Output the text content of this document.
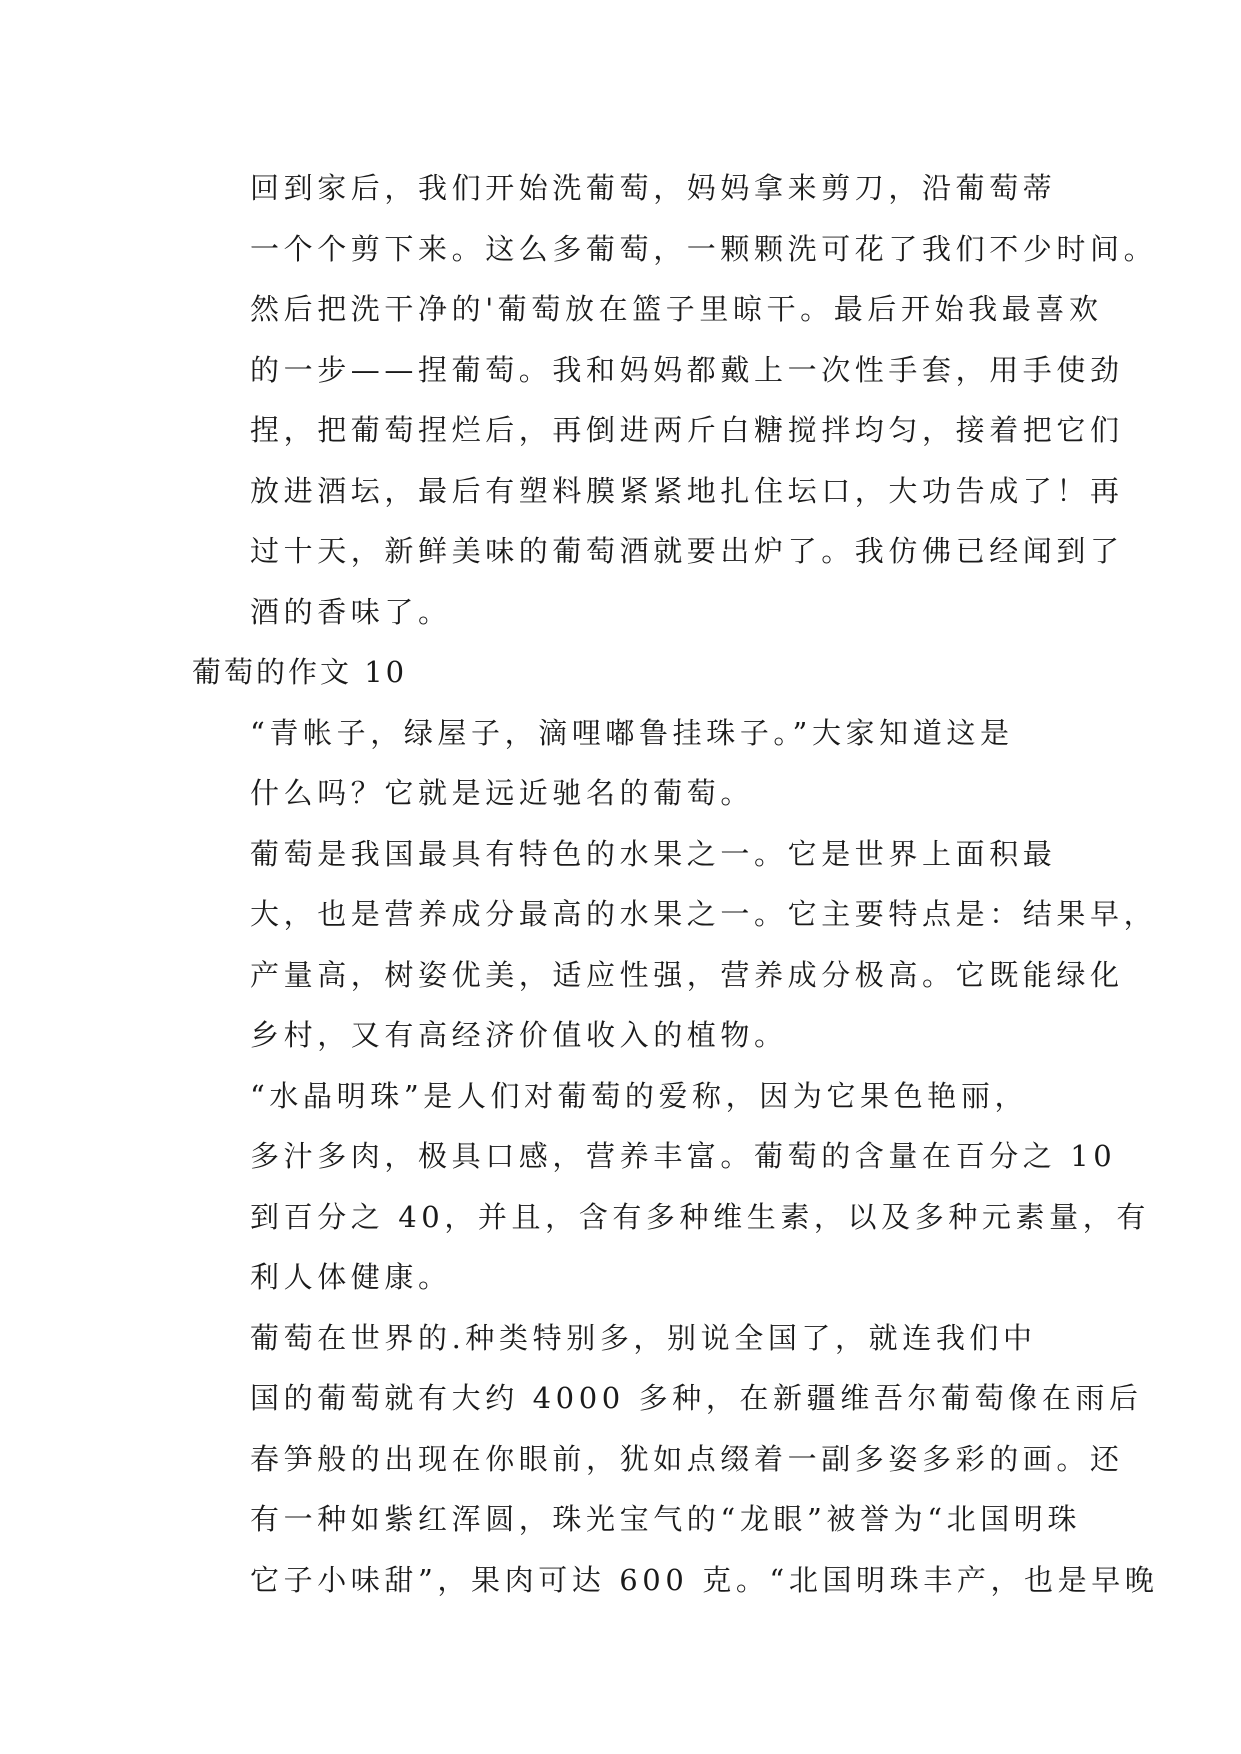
回到家后，我们开始洗葡萄，妈妈拿来剪刀，沿葡萄蒂
一个个剪下来。这么多葡萄，一颗颗洗可花了我们不少时间。
然后把洗干净的'葡萄放在篮子里晾干。最后开始我最喜欢
的一步——捏葡萄。我和妈妈都戴上一次性手套，用手使劲
捏，把葡萄捏烂后，再倒进两斤白糖搅拌均匀，接着把它们
放进酒坛，最后有塑料膜紧紧地扎住坛口，大功告成了！再
过十天，新鲜美味的葡萄酒就要出炉了。我仿佛已经闻到了
酒的香味了。
葡萄的作文 10
“青帐子，绿屋子，滴哩嘟鲁挂珠子。”大家知道这是
什么吗？它就是远近驰名的葡萄。
葡萄是我国最具有特色的水果之一。它是世界上面积最
大，也是营养成分最高的水果之一。它主要特点是：结果早，
产量高，树姿优美，适应性强，营养成分极高。它既能绿化
乡村，又有高经济价值收入的植物。
“水晶明珠”是人们对葡萄的爱称，因为它果色艳丽，
多汁多肉，极具口感，营养丰富。葡萄的含量在百分之 10
到百分之 40，并且，含有多种维生素，以及多种元素量，有
利人体健康。
葡萄在世界的.种类特别多，别说全国了，就连我们中
国的葡萄就有大约 4000 多种，在新疆维吾尔葡萄像在雨后
春笋般的出现在你眼前，犹如点缀着一副多姿多彩的画。还
有一种如紫红浑圆，珠光宝气的“龙眼”被誉为“北国明珠
它子小味甜”，果肉可达 600 克。“北国明珠丰产，也是早晚
